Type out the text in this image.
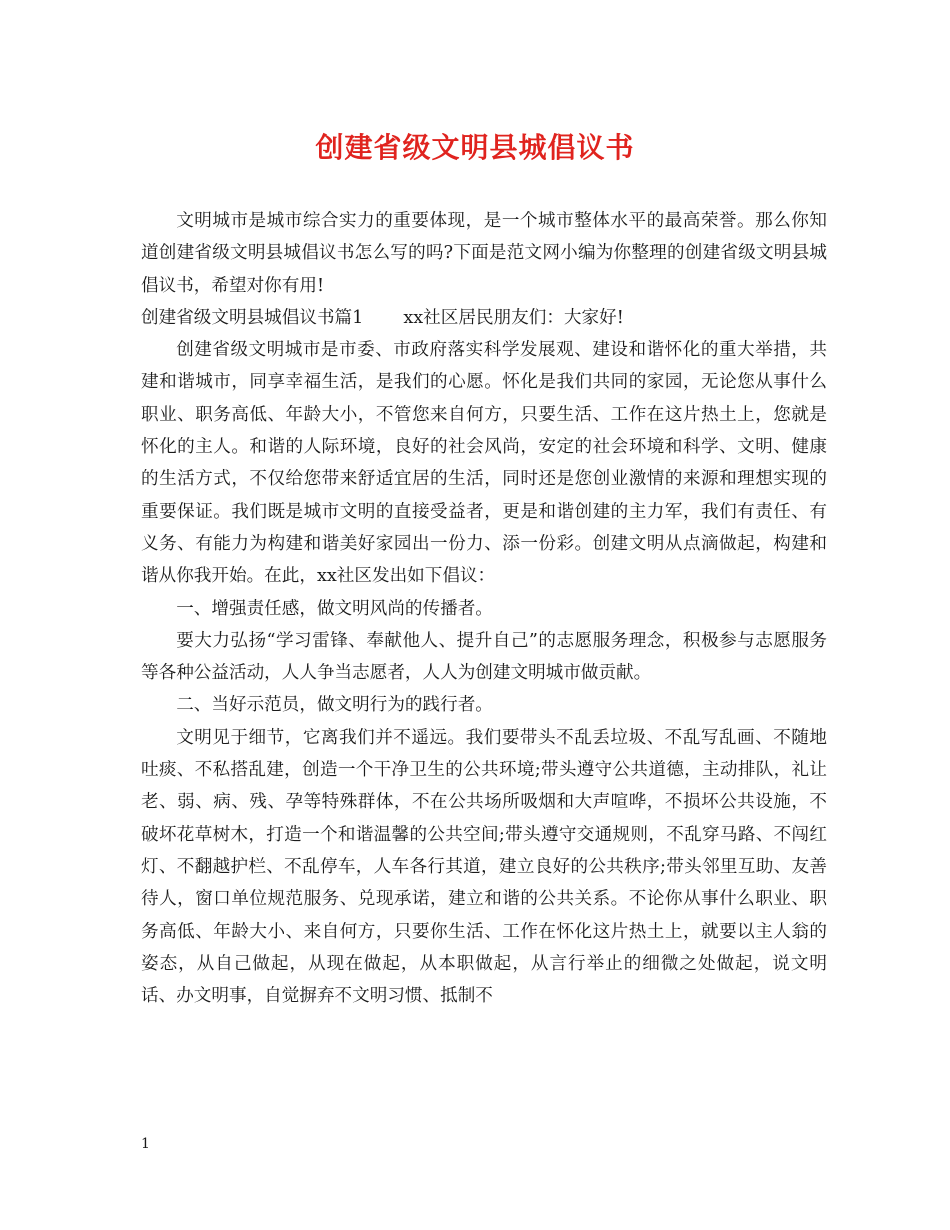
创建省级文明县城倡议书

文明城市是城市综合实力的重要体现，是一个城市整体水平的最高荣誉。那么你知道创建省级文明县城倡议书怎么写的吗?下面是范文网小编为你整理的创建省级文明县城倡议书，希望对你有用!

创建省级文明县城倡议书篇1 xx社区居民朋友们：大家好!

创建省级文明城市是市委、市政府落实科学发展观、建设和谐怀化的重大举措，共建和谐城市，同享幸福生活，是我们的心愿。怀化是我们共同的家园，无论您从事什么职业、职务高低、年龄大小，不管您来自何方，只要生活、工作在这片热土上，您就是怀化的主人。和谐的人际环境，良好的社会风尚，安定的社会环境和科学、文明、健康的生活方式，不仅给您带来舒适宜居的生活，同时还是您创业激情的来源和理想实现的重要保证。我们既是城市文明的直接受益者，更是和谐创建的主力军，我们有责任、有义务、有能力为构建和谐美好家园出一份力、添一份彩。创建文明从点滴做起，构建和谐从你我开始。在此，xx社区发出如下倡议：

一、增强责任感，做文明风尚的传播者。

要大力弘扬“学习雷锋、奉献他人、提升自己”的志愿服务理念，积极参与志愿服务等各种公益活动，人人争当志愿者，人人为创建文明城市做贡献。

二、当好示范员，做文明行为的践行者。

文明见于细节，它离我们并不遥远。我们要带头不乱丢垃圾、不乱写乱画、不随地吐痰、不私搭乱建，创造一个干净卫生的公共环境;带头遵守公共道德，主动排队，礼让老、弱、病、残、孕等特殊群体，不在公共场所吸烟和大声喧哗，不损坏公共设施，不破坏花草树木，打造一个和谐温馨的公共空间;带头遵守交通规则，不乱穿马路、不闯红灯、不翻越护栏、不乱停车，人车各行其道，建立良好的公共秩序;带头邻里互助、友善待人，窗口单位规范服务、兑现承诺，建立和谐的公共关系。不论你从事什么职业、职务高低、年龄大小、来自何方，只要你生活、工作在怀化这片热土上，就要以主人翁的姿态，从自己做起，从现在做起，从本职做起，从言行举止的细微之处做起，说文明话、办文明事，自觉摒弃不文明习惯、抵制不

1
